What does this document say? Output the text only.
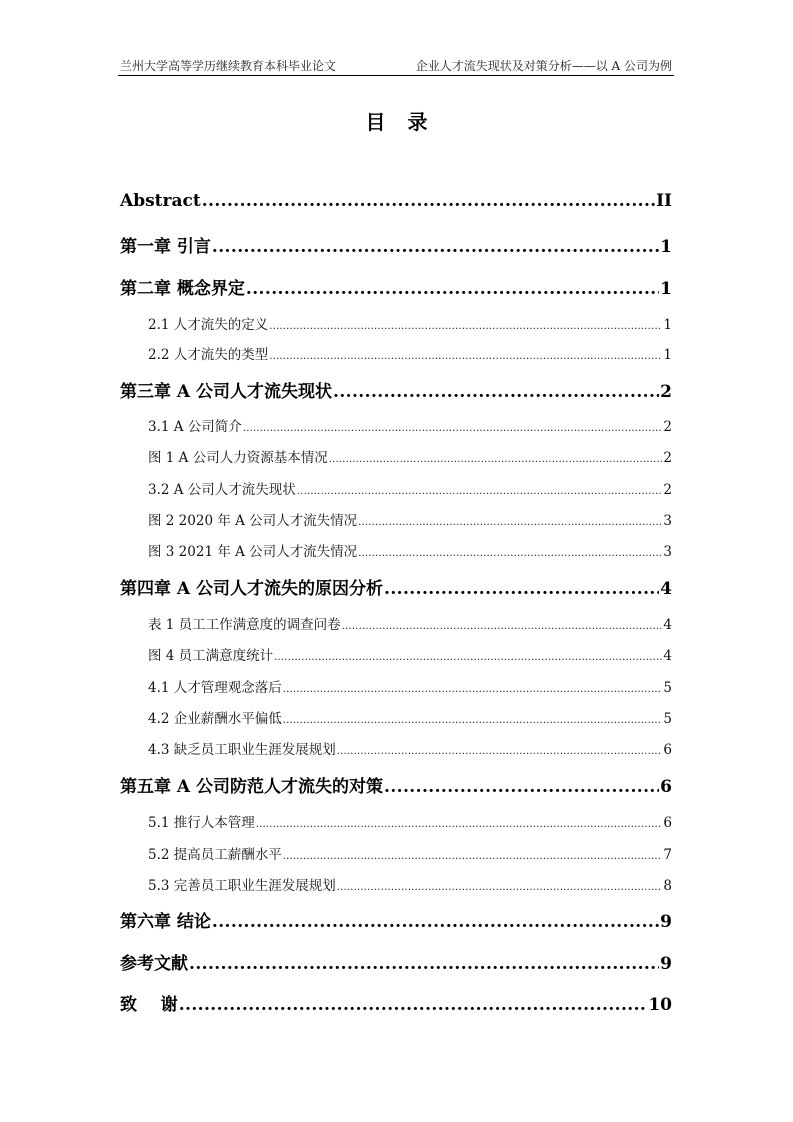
兰州大学高等学历继续教育本科毕业论文	企业人才流失现状及对策分析——以 A 公司为例
目录
Abstract .....	II
第一章 引言 .....	1
第二章 概念界定 .....	1
2.1 人才流失的定义 .....	1
2.2 人才流失的类型 .....	1
第三章 A 公司人才流失现状 .....	2
3.1 A 公司简介 .....	2
图 1 A 公司人力资源基本情况 .....	2
3.2 A 公司人才流失现状 .....	2
图 2 2020 年 A 公司人才流失情况 .....	3
图 3 2021 年 A 公司人才流失情况 .....	3
第四章 A 公司人才流失的原因分析 .....	4
表 1 员工工作满意度的调查问卷 .....	4
图 4 员工满意度统计 .....	4
4.1 人才管理观念落后 .....	5
4.2 企业薪酬水平偏低 .....	5
4.3 缺乏员工职业生涯发展规划 .....	6
第五章 A 公司防范人才流失的对策 .....	6
5.1 推行人本管理 .....	6
5.2 提高员工薪酬水平 .....	7
5.3 完善员工职业生涯发展规划 .....	8
第六章 结论 .....	9
参考文献 .....	9
致    谢 .....	10
